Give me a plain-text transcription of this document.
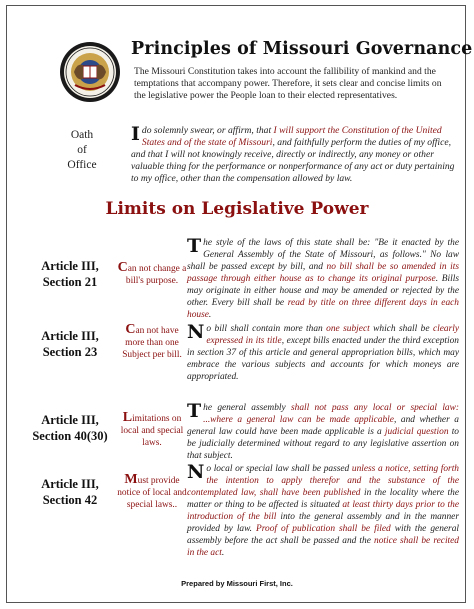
Principles of Missouri Governance
The Missouri Constitution takes into account the fallibility of mankind and the temptations that accompany power. Therefore, it sets clear and concise limits on the legislative power the People loan to their elected representatives.
Oath
of
Office
I do solemnly swear, or affirm, that I will support the Constitution of the United States and of the state of Missouri, and faithfully perform the duties of my office, and that I will not knowingly receive, directly or indirectly, any money or other valuable thing for the performance or nonperformance of any act or duty pertaining to my office, other than the compensation allowed by law.
Limits on Legislative Power
Article III,
Section 21
Can not change a bill's purpose.
The style of the laws of this state shall be: "Be it enacted by the General Assembly of the State of Missouri, as follows." No law shall be passed except by bill, and no bill shall be so amended in its passage through either house as to change its original purpose. Bills may originate in either house and may be amended or rejected by the other. Every bill shall be read by title on three different days in each house.
Article III,
Section 23
Can not have more than one Subject per bill.
No bill shall contain more than one subject which shall be clearly expressed in its title, except bills enacted under the third exception in section 37 of this article and general appropriation bills, which may embrace the various subjects and accounts for which moneys are appropriated.
Article III,
Section 40(30)
Limitations on local and special laws.
The general assembly shall not pass any local or special law: ...where a general law can be made applicable, and whether a general law could have been made applicable is a judicial question to be judicially determined without regard to any legislative assertion on that subject.
Article III,
Section 42
Must provide notice of local and special laws..
No local or special law shall be passed unless a notice, setting forth the intention to apply therefor and the substance of the contemplated law, shall have been published in the locality where the matter or thing to be affected is situated at least thirty days prior to the introduction of the bill into the general assembly and in the manner provided by law. Proof of publication shall be filed with the general assembly before the act shall be passed and the notice shall be recited in the act.
Prepared by Missouri First, Inc.
